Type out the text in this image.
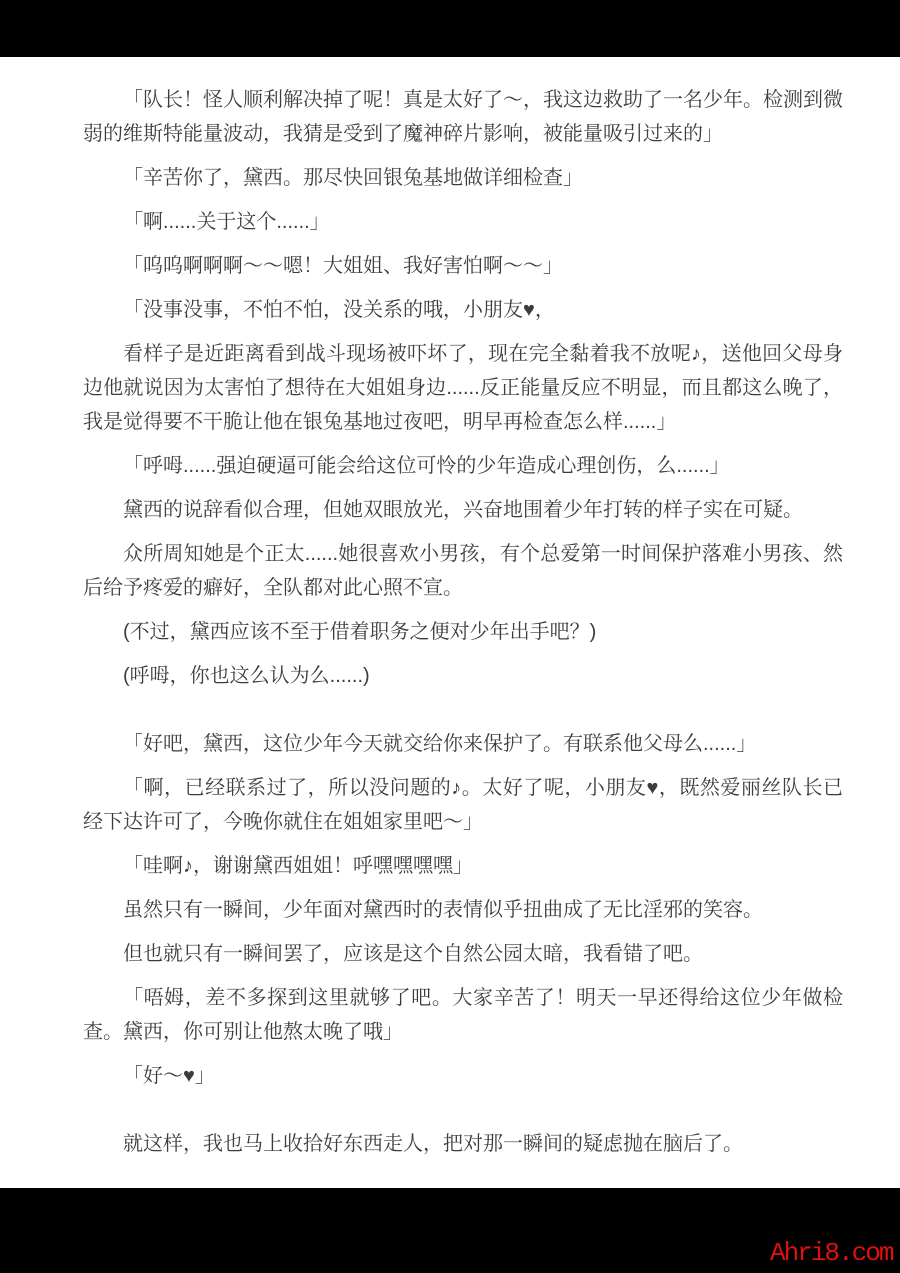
「队长！怪人顺利解决掉了呢！真是太好了～，我这边救助了一名少年。检测到微弱的维斯特能量波动，我猜是受到了魔神碎片影响，被能量吸引过来的」

「辛苦你了，黛西。那尽快回银兔基地做详细检查」

「啊......关于这个......」

「呜呜啊啊啊～～嗯！大姐姐、我好害怕啊～～」

「没事没事，不怕不怕，没关系的哦，小朋友♥，

看样子是近距离看到战斗现场被吓坏了，现在完全黏着我不放呢♪，送他回父母身边他就说因为太害怕了想待在大姐姐身边......反正能量反应不明显，而且都这么晚了，我是觉得要不干脆让他在银兔基地过夜吧，明早再检查怎么样......」

「呼呣......强迫硬逼可能会给这位可怜的少年造成心理创伤，么......」

黛西的说辞看似合理，但她双眼放光，兴奋地围着少年打转的样子实在可疑。

众所周知她是个正太......她很喜欢小男孩，有个总爱第一时间保护落难小男孩、然后给予疼爱的癖好，全队都对此心照不宣。

(不过，黛西应该不至于借着职务之便对少年出手吧？)

(呼呣，你也这么认为么......)

「好吧，黛西，这位少年今天就交给你来保护了。有联系他父母么......」

「啊，已经联系过了，所以没问题的♪。太好了呢，小朋友♥，既然爱丽丝队长已经下达许可了，今晚你就住在姐姐家里吧～」

「哇啊♪，谢谢黛西姐姐！呼嘿嘿嘿嘿」

虽然只有一瞬间，少年面对黛西时的表情似乎扭曲成了无比淫邪的笑容。

但也就只有一瞬间罢了，应该是这个自然公园太暗，我看错了吧。

「唔姆，差不多探到这里就够了吧。大家辛苦了！明天一早还得给这位少年做检查。黛西，你可别让他熬太晚了哦」

「好～♥」

就这样，我也马上收拾好东西走人，把对那一瞬间的疑虑抛在脑后了。

Ahri8.com
